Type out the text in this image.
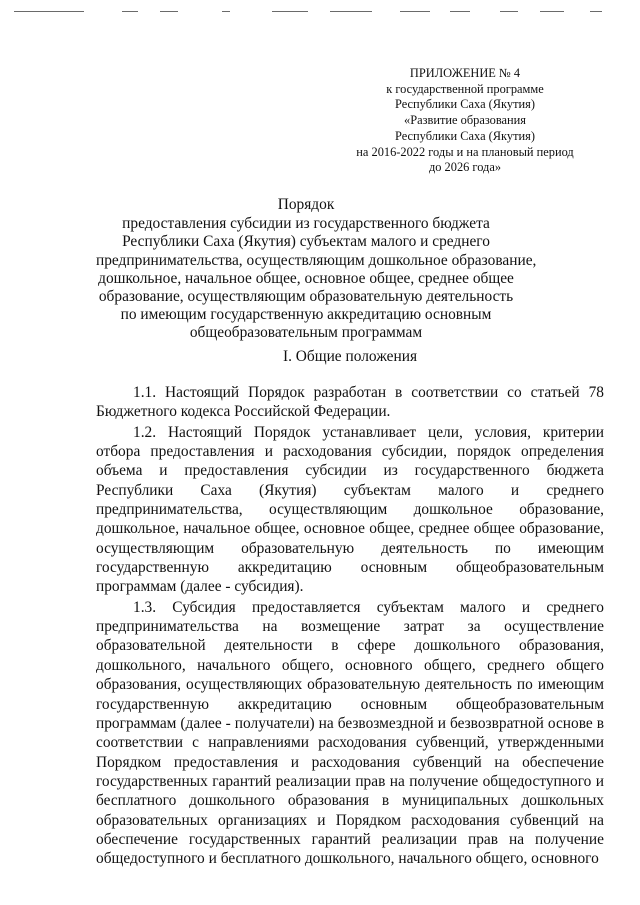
ПРИЛОЖЕНИЕ № 4
к государственной программе
Республики Саха (Якутия)
«Развитие образования
Республики Саха (Якутия)
на 2016-2022 годы и на плановый период
до 2026 года»
Порядок
предоставления субсидии из государственного бюджета
Республики Саха (Якутия) субъектам малого и среднего
предпринимательства, осуществляющим дошкольное образование,
дошкольное, начальное общее, основное общее, среднее общее
образование, осуществляющим образовательную деятельность
по имеющим государственную аккредитацию основным
общеобразовательным программам
I. Общие положения

1.1. Настоящий Порядок разработан в соответствии со статьей 78 Бюджетного кодекса Российской Федерации.

1.2. Настоящий Порядок устанавливает цели, условия, критерии отбора предоставления и расходования субсидии, порядок определения объема и предоставления субсидии из государственного бюджета Республики Саха (Якутия) субъектам малого и среднего предпринимательства, осуществляющим дошкольное образование, дошкольное, начальное общее, основное общее, среднее общее образование, осуществляющим образовательную деятельность по имеющим государственную аккредитацию основным общеобразовательным программам (далее - субсидия).

1.3. Субсидия предоставляется субъектам малого и среднего предпринимательства на возмещение затрат за осуществление образовательной деятельности в сфере дошкольного образования, дошкольного, начального общего, основного общего, среднего общего образования, осуществляющих образовательную деятельность по имеющим государственную аккредитацию основным общеобразовательным программам (далее - получатели) на безвозмездной и безвозвратной основе в соответствии с направлениями расходования субвенций, утвержденными Порядком предоставления и расходования субвенций на обеспечение государственных гарантий реализации прав на получение общедоступного и бесплатного дошкольного образования в муниципальных дошкольных образовательных организациях и Порядком расходования субвенций на обеспечение государственных гарантий реализации прав на получение общедоступного и бесплатного дошкольного, начального общего, основного
